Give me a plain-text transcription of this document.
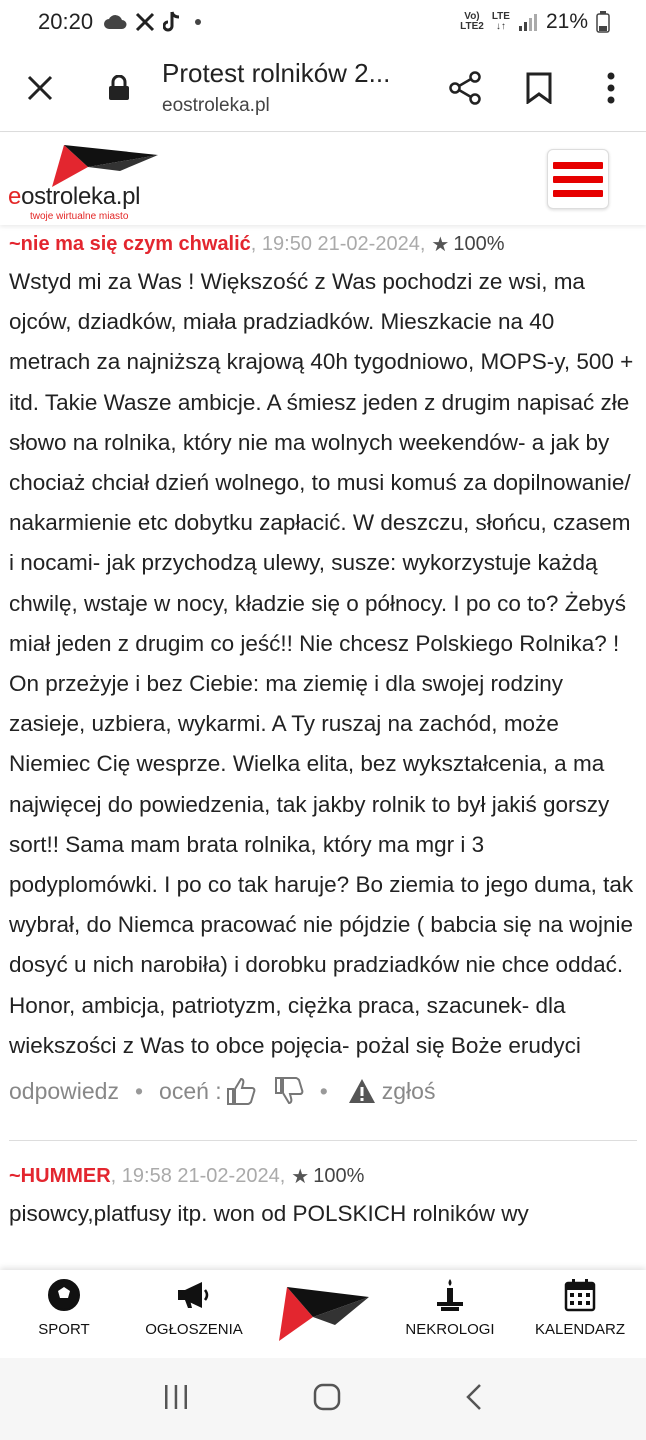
20:20	Vo)
LTE2
LTE
↓↑ 21%
Protest rolników 2...
eostroleka.pl
eostroleka.pl
twoje wirtualne miasto
~nie ma się czym chwalić , 19:50 21-02-2024, ★ 100%
Wstyd mi za Was ! Większość z Was pochodzi ze wsi, ma ojców, dziadków, miała pradziadków. Mieszkacie na 40 metrach za najniższą krajową 40h tygodniowo, MOPS-y, 500 + itd. Takie Wasze ambicje. A śmiesz jeden z drugim napisać złe słowo na rolnika, który nie ma wolnych weekendów- a jak by chociaż chciał dzień wolnego, to musi komuś za dopilnowanie/ nakarmienie etc dobytku zapłacić. W deszczu, słońcu, czasem i nocami- jak przychodzą ulewy, susze: wykorzystuje każdą chwilę, wstaje w nocy, kładzie się o północy. I po co to? Żebyś miał jeden z drugim co jeść!! Nie chcesz Polskiego Rolnika? ! On przeżyje i bez Ciebie: ma ziemię i dla swojej rodziny zasieje, uzbiera, wykarmi. A Ty ruszaj na zachód, może Niemiec Cię wesprze. Wielka elita, bez wykształcenia, a ma najwięcej do powiedzenia, tak jakby rolnik to był jakiś gorszy sort!! Sama mam brata rolnika, który ma mgr i 3 podyplomówki. I po co tak haruje? Bo ziemia to jego duma, tak wybrał, do Niemca pracować nie pójdzie ( babcia się na wojnie dosyć u nich narobiła) i dorobku pradziadków nie chce oddać. Honor, ambicja, patriotyzm, ciężka praca, szacunek- dla wiekszości z Was to obce pojęcia- pożal się Boże erudyci
odpowiedz • oceń :	• zgłoś
~HUMMER , 19:58 21-02-2024, ★ 100%
pisowcy,platfusy itp. won od POLSKICH rolników wy
SPORT	OGŁOSZENIA	NEKROLOGI	KALENDARZ
